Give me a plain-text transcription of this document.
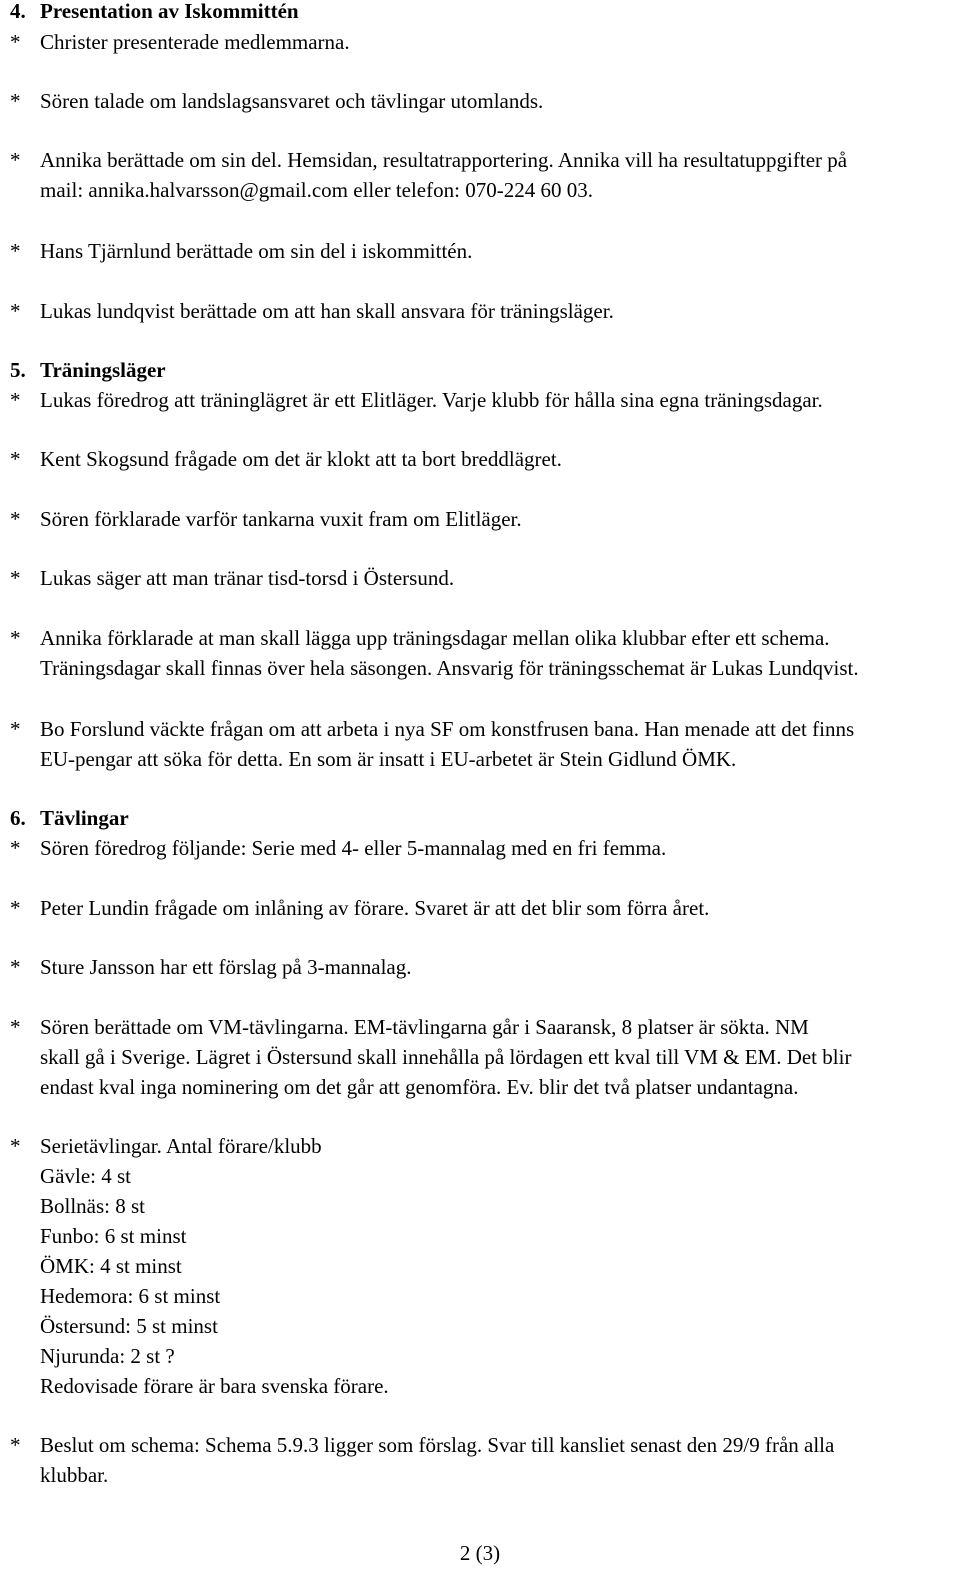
4. Presentation av Iskommittén
* Christer presenterade medlemmarna.
* Sören talade om landslagsansvaret och tävlingar utomlands.
* Annika berättade om sin del. Hemsidan, resultatrapportering. Annika vill ha resultatuppgifter på
mail: annika.halvarsson@gmail.com eller telefon: 070-224 60 03.
* Hans Tjärnlund berättade om sin del i iskommittén.
* Lukas lundqvist berättade om att han skall ansvara för träningsläger.
5. Träningsläger
* Lukas föredrog att träninglägret är ett Elitläger. Varje klubb för hålla sina egna träningsdagar.
* Kent Skogsund frågade om det är klokt att ta bort breddlägret.
* Sören förklarade varför tankarna vuxit fram om Elitläger.
* Lukas säger att man tränar tisd-torsd i Östersund.
* Annika förklarade at man skall lägga upp träningsdagar mellan olika klubbar efter ett schema.
Träningsdagar skall finnas över hela säsongen. Ansvarig för träningsschemat är Lukas Lundqvist.
* Bo Forslund väckte frågan om att arbeta i nya SF om konstfrusen bana. Han menade att det finns
EU-pengar att söka för detta. En som är insatt i EU-arbetet är Stein Gidlund ÖMK.
6. Tävlingar
* Sören föredrog följande: Serie med 4- eller 5-mannalag med en fri femma.
* Peter Lundin frågade om inlåning av förare. Svaret är att det blir som förra året.
* Sture Jansson har ett förslag på 3-mannalag.
* Sören berättade om VM-tävlingarna. EM-tävlingarna går i Saaransk, 8 platser är sökta. NM
skall gå i Sverige. Lägret i Östersund skall innehålla på lördagen ett kval till VM & EM. Det blir
endast kval inga nominering om det går att genomföra. Ev. blir det två platser undantagna.
* Serietävlingar. Antal förare/klubb
Gävle: 4 st
Bollnäs: 8 st
Funbo: 6 st minst
ÖMK: 4 st minst
Hedemora: 6 st minst
Östersund: 5 st minst
Njurunda: 2 st ?
Redovisade förare är bara svenska förare.
* Beslut om schema: Schema 5.9.3 ligger som förslag. Svar till kansliet senast den 29/9 från alla
klubbar.
2 (3)
